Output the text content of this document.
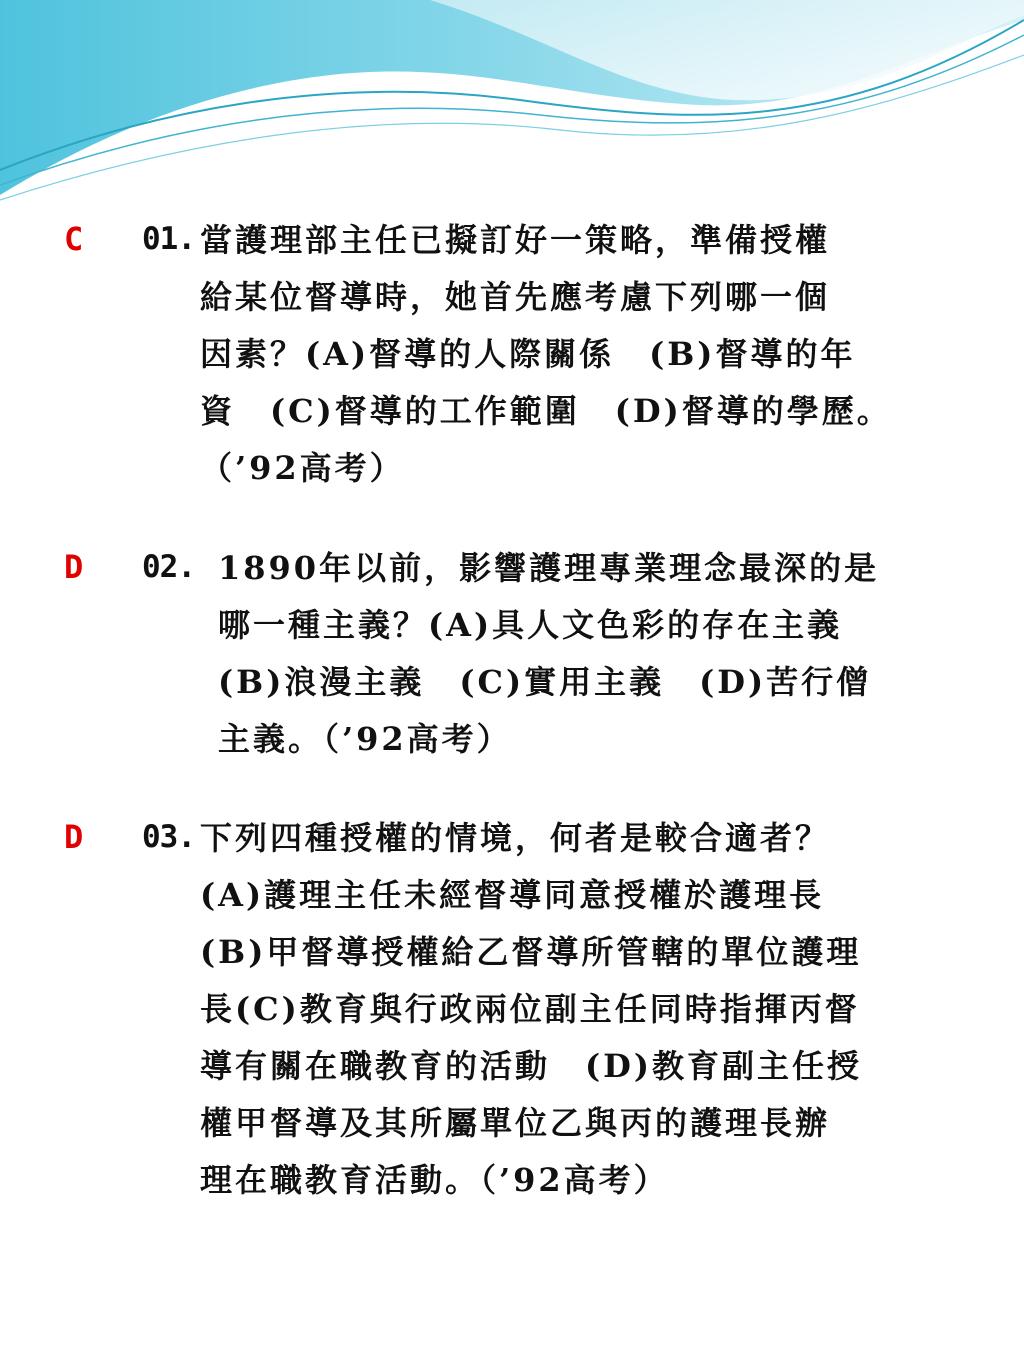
C 01. 當護理部主任已擬訂好一策略，準備授權
給某位督導時，她首先應考慮下列哪一個
因素？(A)督導的人際關係　(B)督導的年
資　(C)督導的工作範圍　(D)督導的學歷。
（’92高考）
D 02. 1890年以前，影響護理專業理念最深的是
哪一種主義？(A)具人文色彩的存在主義
(B)浪漫主義　(C)實用主義　(D)苦行僧
主義。（’92高考）
D 03. 下列四種授權的情境，何者是較合適者？
(A)護理主任未經督導同意授權於護理長
(B)甲督導授權給乙督導所管轄的單位護理
長(C)教育與行政兩位副主任同時指揮丙督
導有關在職教育的活動　(D)教育副主任授
權甲督導及其所屬單位乙與丙的護理長辦
理在職教育活動。（’92高考）
